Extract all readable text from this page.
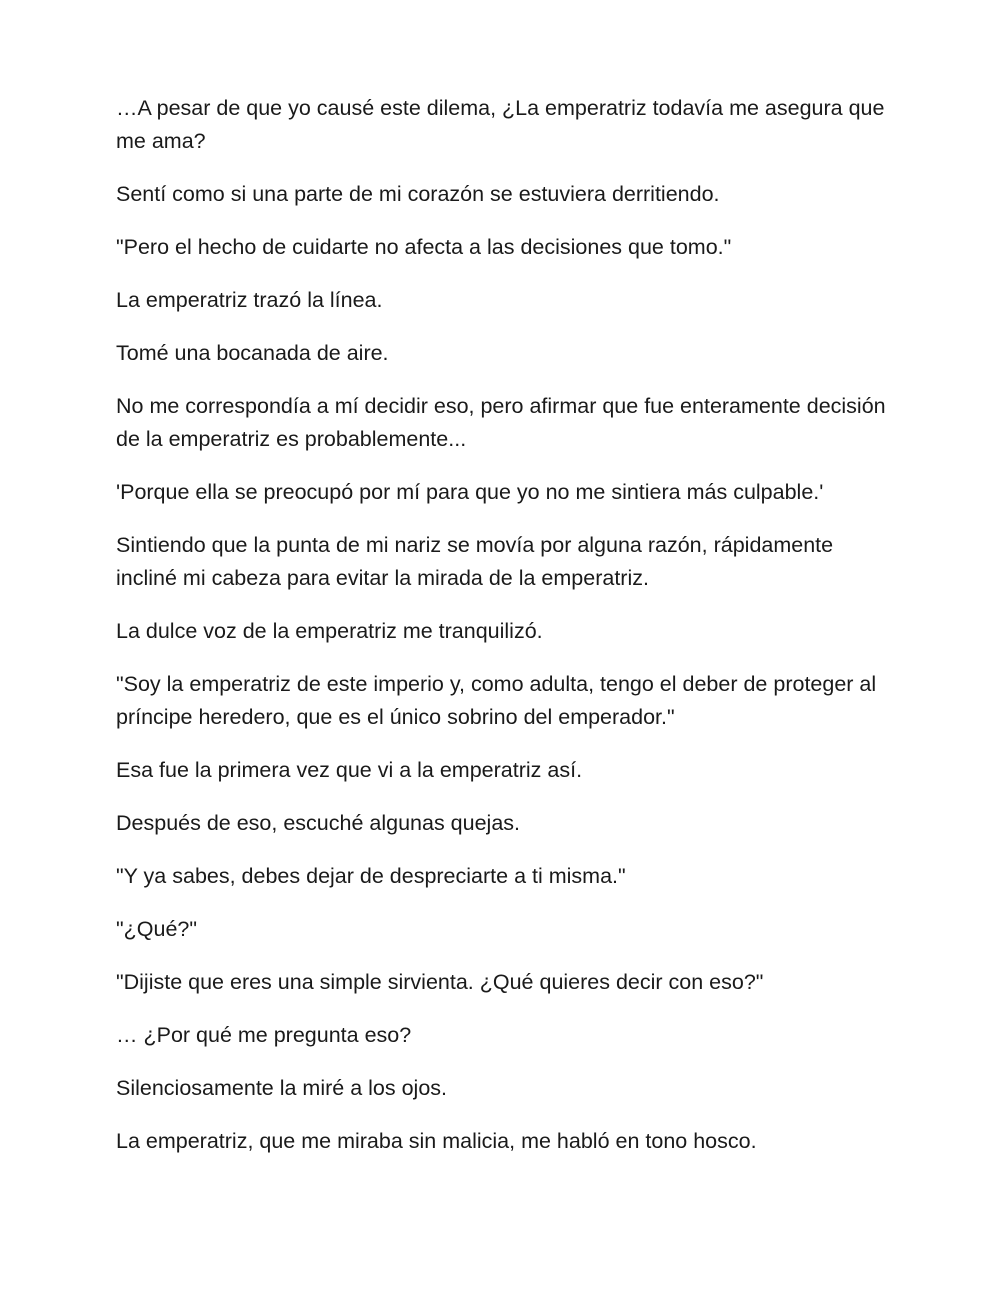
…A pesar de que yo causé este dilema, ¿La emperatriz todavía me asegura que me ama?

Sentí como si una parte de mi corazón se estuviera derritiendo.

"Pero el hecho de cuidarte no afecta a las decisiones que tomo."

La emperatriz trazó la línea.

Tomé una bocanada de aire.

No me correspondía a mí decidir eso, pero afirmar que fue enteramente decisión de la emperatriz es probablemente...

'Porque ella se preocupó por mí para que yo no me sintiera más culpable.'

Sintiendo que la punta de mi nariz se movía por alguna razón, rápidamente incliné mi cabeza para evitar la mirada de la emperatriz.

La dulce voz de la emperatriz me tranquilizó.

"Soy la emperatriz de este imperio y, como adulta, tengo el deber de proteger al príncipe heredero, que es el único sobrino del emperador."

Esa fue la primera vez que vi a la emperatriz así.

Después de eso, escuché algunas quejas.

"Y ya sabes, debes dejar de despreciarte a ti misma."

"¿Qué?"

"Dijiste que eres una simple sirvienta. ¿Qué quieres decir con eso?"

… ¿Por qué me pregunta eso?

Silenciosamente la miré a los ojos.

La emperatriz, que me miraba sin malicia, me habló en tono hosco.
